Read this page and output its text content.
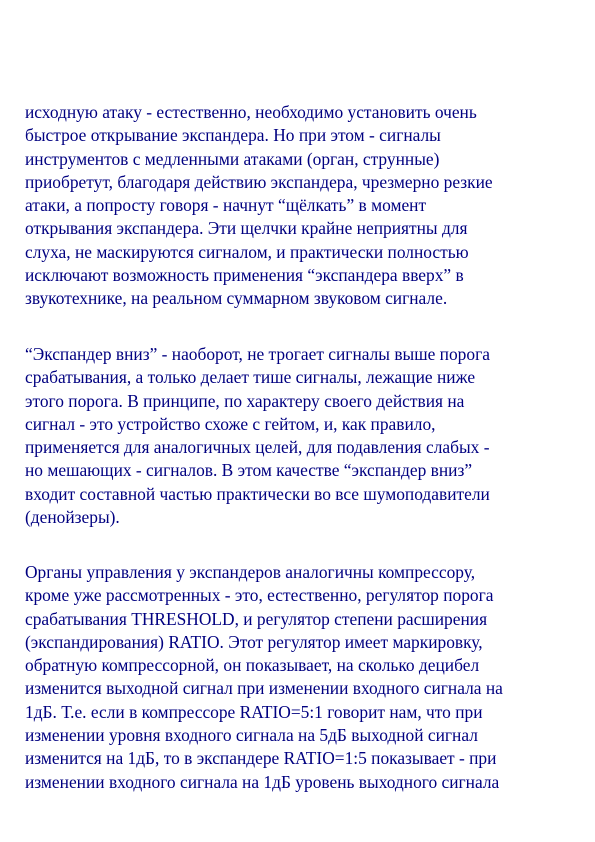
исходную атаку - естественно, необходимо установить очень
быстрое открывание экспандера. Но при этом - сигналы
инструментов с медленными атаками (орган, струнные)
приобретут, благодаря действию экспандера, чрезмерно резкие
атаки, а попросту говоря - начнут “щёлкать” в момент
открывания экспандера. Эти щелчки крайне неприятны для
слуха, не маскируются сигналом, и практически полностью
исключают возможность применения “экспандера вверх” в
звукотехнике, на реальном суммарном звуковом сигнале.
“Экспандер вниз” - наоборот, не трогает сигналы выше порога
срабатывания, а только делает тише сигналы, лежащие ниже
этого порога. В принципе, по характеру своего действия на
сигнал - это устройство схоже с гейтом, и, как правило,
применяется для аналогичных целей, для подавления слабых -
но мешающих - сигналов. В этом качестве “экспандер вниз”
входит составной частью практически во все шумоподавители
(денойзеры).
Органы управления у экспандеров аналогичны компрессору,
кроме уже рассмотренных - это, естественно, регулятор порога
срабатывания THRESHOLD, и регулятор степени расширения
(экспандирования) RATIO. Этот регулятор имеет маркировку,
обратную компрессорной, он показывает, на сколько децибел
изменится выходной сигнал при изменении входного сигнала на
1дБ. Т.е. если в компрессоре RATIO=5:1 говорит нам, что при
изменении уровня входного сигнала на 5дБ выходной сигнал
изменится на 1дБ, то в экспандере RATIO=1:5 показывает - при
изменении входного сигнала на 1дБ уровень выходного сигнала
